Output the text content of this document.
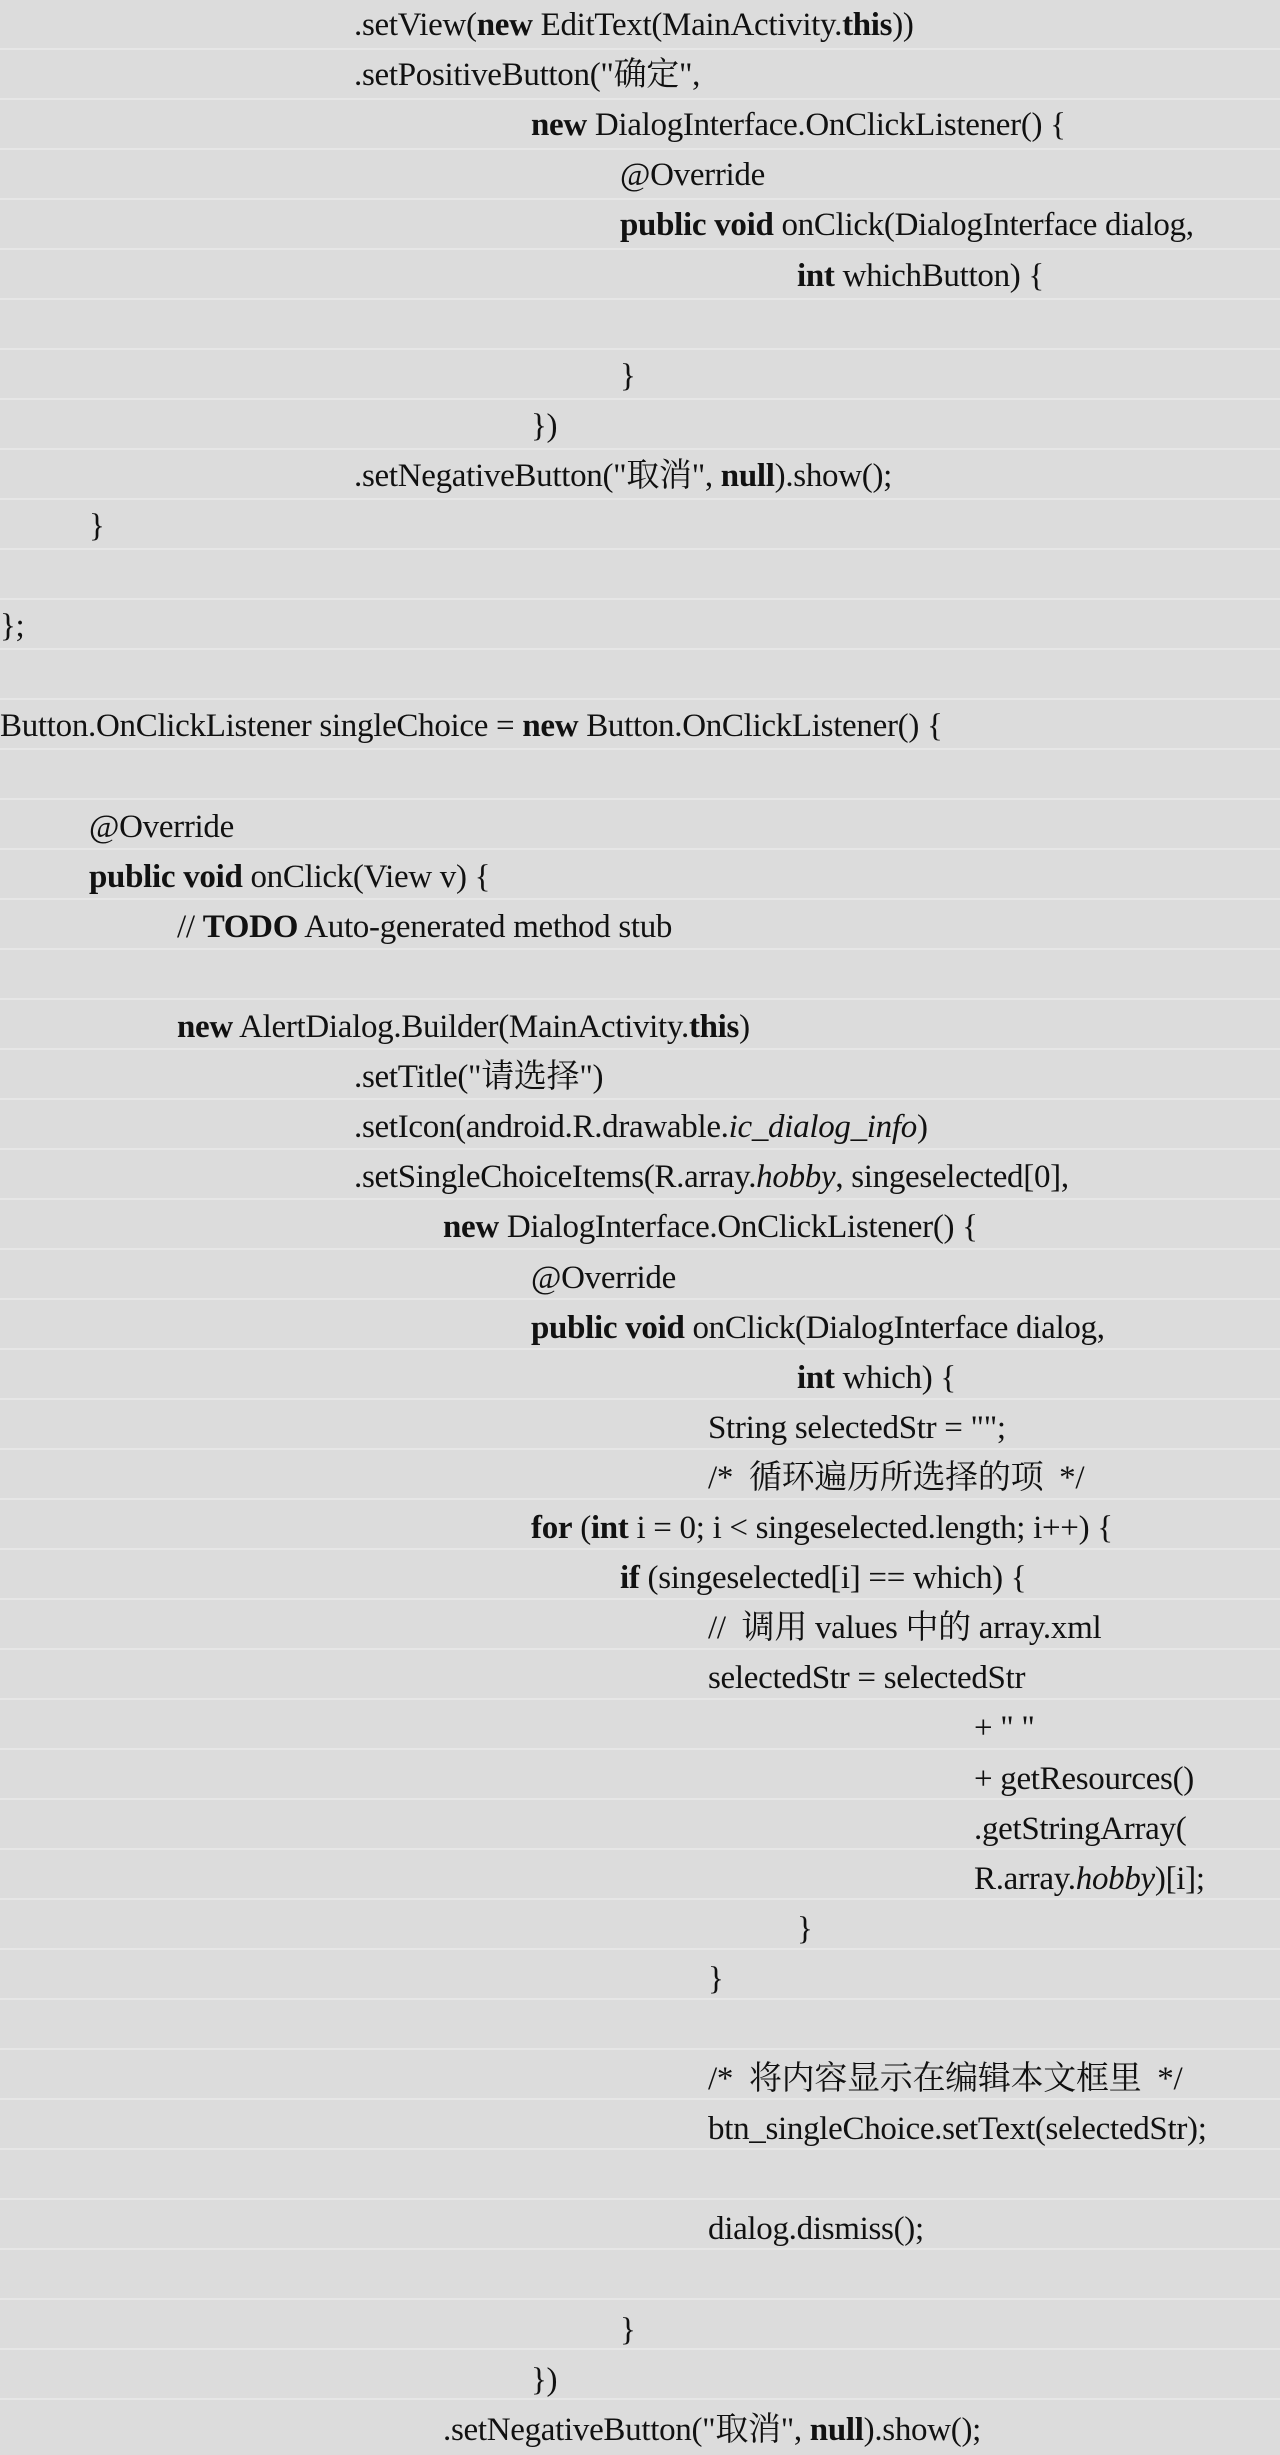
.setView(new EditText(MainActivity.this))
.setPositiveButton("确定",
new DialogInterface.OnClickListener() {
@Override
public void onClick(DialogInterface dialog,
int whichButton) {
}
})
.setNegativeButton("取消", null).show();
}
};
Button.OnClickListener singleChoice = new Button.OnClickListener() {
@Override
public void onClick(View v) {
// TODO Auto-generated method stub
new AlertDialog.Builder(MainActivity.this)
.setTitle("请选择")
.setIcon(android.R.drawable.ic_dialog_info)
.setSingleChoiceItems(R.array.hobby, singeselected[0],
new DialogInterface.OnClickListener() {
@Override
public void onClick(DialogInterface dialog,
int which) {
String selectedStr = "";
/*  循环遍历所选择的项  */
for (int i = 0; i < singeselected.length; i++) {
if (singeselected[i] == which) {
//  调用 values 中的 array.xml
selectedStr = selectedStr
+ " "
+ getResources()
.getStringArray(
R.array.hobby)[i];
}
}
/*  将内容显示在编辑本文框里  */
btn_singleChoice.setText(selectedStr);
dialog.dismiss();
}
})
.setNegativeButton("取消", null).show();
